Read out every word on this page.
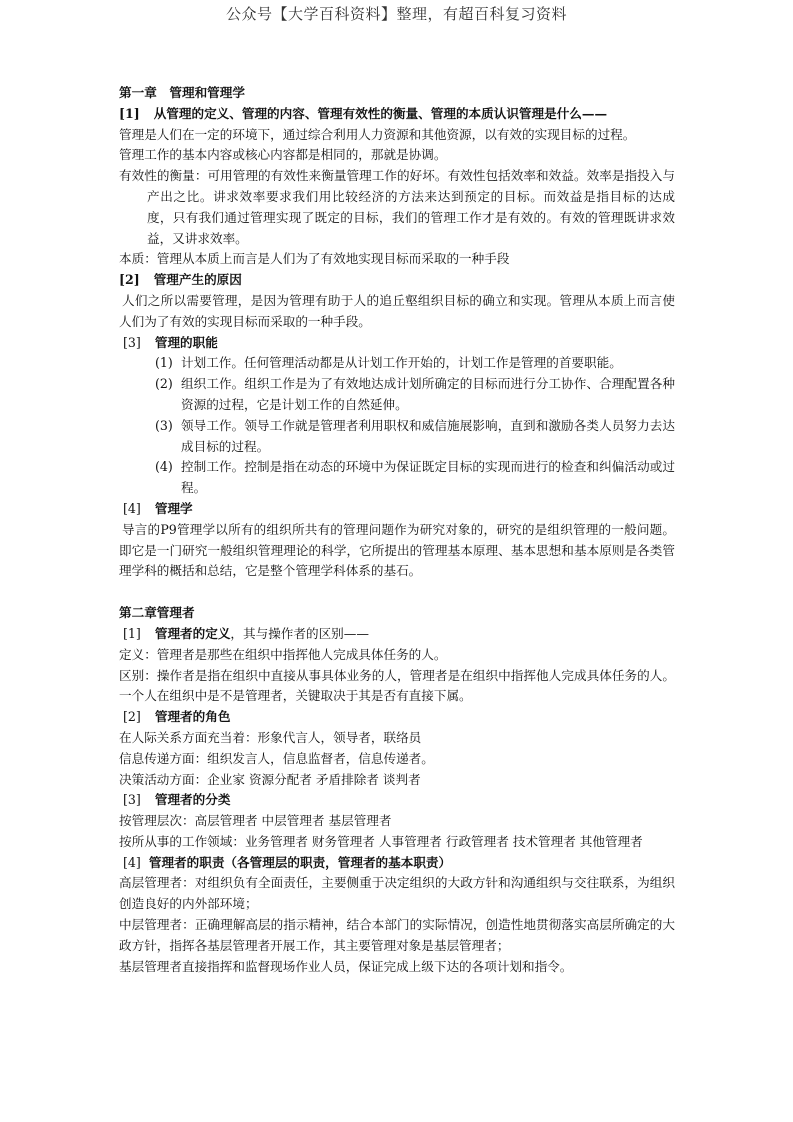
公众号【大学百科资料】整理，有超百科复习资料

第一章　管理和管理学

[1] 从管理的定义、管理的内容、管理有效性的衡量、管理的本质认识管理是什么——

管理是人们在一定的环境下，通过综合利用人力资源和其他资源，以有效的实现目标的过程。

管理工作的基本内容或核心内容都是相同的，那就是协调。

有效性的衡量：可用管理的有效性来衡量管理工作的好坏。有效性包括效率和效益。效率是指投入与产出之比。讲求效率要求我们用比较经济的方法来达到预定的目标。而效益是指目标的达成度，只有我们通过管理实现了既定的目标，我们的管理工作才是有效的。有效的管理既讲求效益，又讲求效率。

本质：管理从本质上而言是人们为了有效地实现目标而采取的一种手段

[2] 管理产生的原因

人们之所以需要管理，是因为管理有助于人的追丘壑组织目标的确立和实现。管理从本质上而言使人们为了有效的实现目标而采取的一种手段。

[3] 管理的职能

(1) 计划工作。任何管理活动都是从计划工作开始的，计划工作是管理的首要职能。
(2) 组织工作。组织工作是为了有效地达成计划所确定的目标而进行分工协作、合理配置各种资源的过程，它是计划工作的自然延伸。
(3) 领导工作。领导工作就是管理者利用职权和威信施展影响，直到和激励各类人员努力去达成目标的过程。
(4) 控制工作。控制是指在动态的环境中为保证既定目标的实现而进行的检查和纠偏活动或过程。

[4] 管理学

导言的P9管理学以所有的组织所共有的管理问题作为研究对象的，研究的是组织管理的一般问题。即它是一门研究一般组织管理理论的科学，它所提出的管理基本原理、基本思想和基本原则是各类管理学科的概括和总结，它是整个管理学科体系的基石。

第二章管理者

[1] 管理者的定义，其与操作者的区别——

定义：管理者是那些在组织中指挥他人完成具体任务的人。

区别：操作者是指在组织中直接从事具体业务的人，管理者是在组织中指挥他人完成具体任务的人。一个人在组织中是不是管理者，关键取决于其是否有直接下属。

[2] 管理者的角色

在人际关系方面充当着：形象代言人，领导者，联络员

信息传递方面：组织发言人，信息监督者，信息传递者。

决策活动方面：企业家 资源分配者 矛盾排除者 谈判者

[3] 管理者的分类

按管理层次：高层管理者 中层管理者 基层管理者

按所从事的工作领域：业务管理者 财务管理者 人事管理者 行政管理者 技术管理者 其他管理者

[4] 管理者的职责（各管理层的职责，管理者的基本职责）

高层管理者：对组织负有全面责任，主要侧重于决定组织的大政方针和沟通组织与交往联系，为组织创造良好的内外部环境；

中层管理者：正确理解高层的指示精神，结合本部门的实际情况，创造性地贯彻落实高层所确定的大政方针，指挥各基层管理者开展工作，其主要管理对象是基层管理者；

基层管理者直接指挥和监督现场作业人员，保证完成上级下达的各项计划和指令。
